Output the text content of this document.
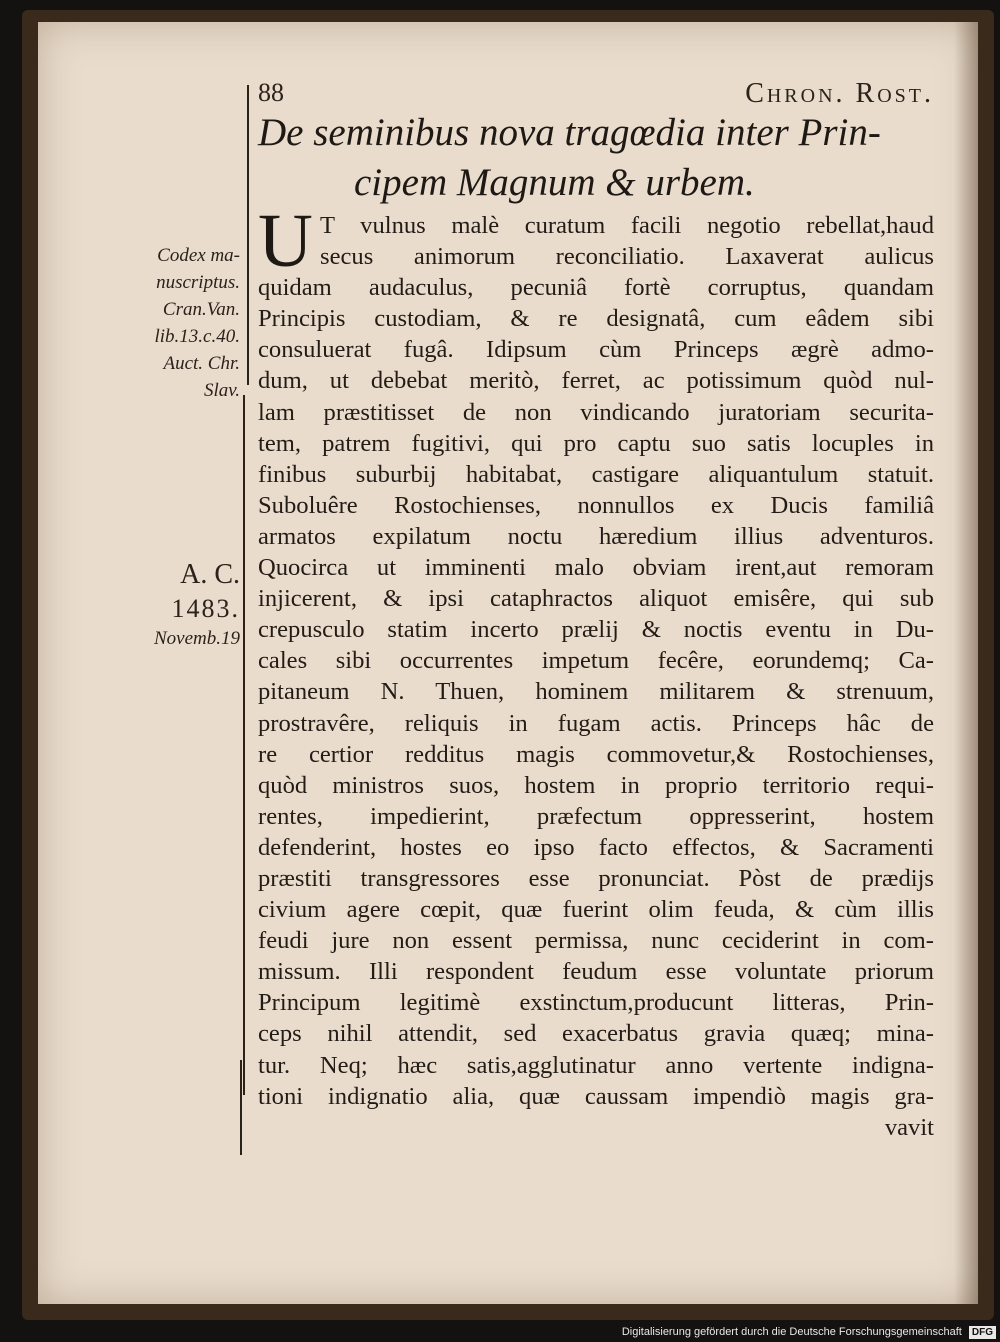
88	Chron. Rost.
De seminibus nova tragœdia inter Prin-
cipem Magnum & urbem.
Codex ma-
nuscriptus.
Cran.Van.
lib.13.c.40.
Auct. Chr.
Slav.
A. C.
1483.
Novemb.19
U T vulnus malè curatum facili negotio rebellat,haud
secus animorum reconciliatio. Laxaverat aulicus
quidam audaculus, pecuniâ fortè corruptus, quandam
Principis custodiam, & re designatâ, cum eâdem sibi
consuluerat fugâ. Idipsum cùm Princeps ægrè admo-
dum, ut debebat meritò, ferret, ac potissimum quòd nul-
lam præstitisset de non vindicando juratoriam securita-
tem, patrem fugitivi, qui pro captu suo satis locuples in
finibus suburbij habitabat, castigare aliquantulum statuit.
Suboluêre Rostochienses, nonnullos ex Ducis familiâ
armatos expilatum noctu hæredium illius adventuros.
Quocirca ut imminenti malo obviam irent,aut remoram
injicerent, & ipsi cataphractos aliquot emisêre, qui sub
crepusculo statim incerto prælij & noctis eventu in Du-
cales sibi occurrentes impetum fecêre, eorundemq; Ca-
pitaneum N. Thuen, hominem militarem & strenuum,
prostravêre, reliquis in fugam actis. Princeps hâc de
re certior redditus magis commovetur,& Rostochienses,
quòd ministros suos, hostem in proprio territorio requi-
rentes, impedierint, præfectum oppresserint, hostem
defenderint, hostes eo ipso facto effectos, & Sacramenti
præstiti transgressores esse pronunciat. Pòst de prædijs
civium agere cœpit, quæ fuerint olim feuda, & cùm illis
feudi jure non essent permissa, nunc ceciderint in com-
missum. Illi respondent feudum esse voluntate priorum
Principum legitimè exstinctum,producunt litteras, Prin-
ceps nihil attendit, sed exacerbatus gravia quæq; mina-
tur. Neq; hæc satis,agglutinatur anno vertente indigna-
tioni indignatio alia, quæ caussam impendiò magis gra-
vavit
Digitalisierung gefördert durch die Deutsche Forschungsgemeinschaft DFG
